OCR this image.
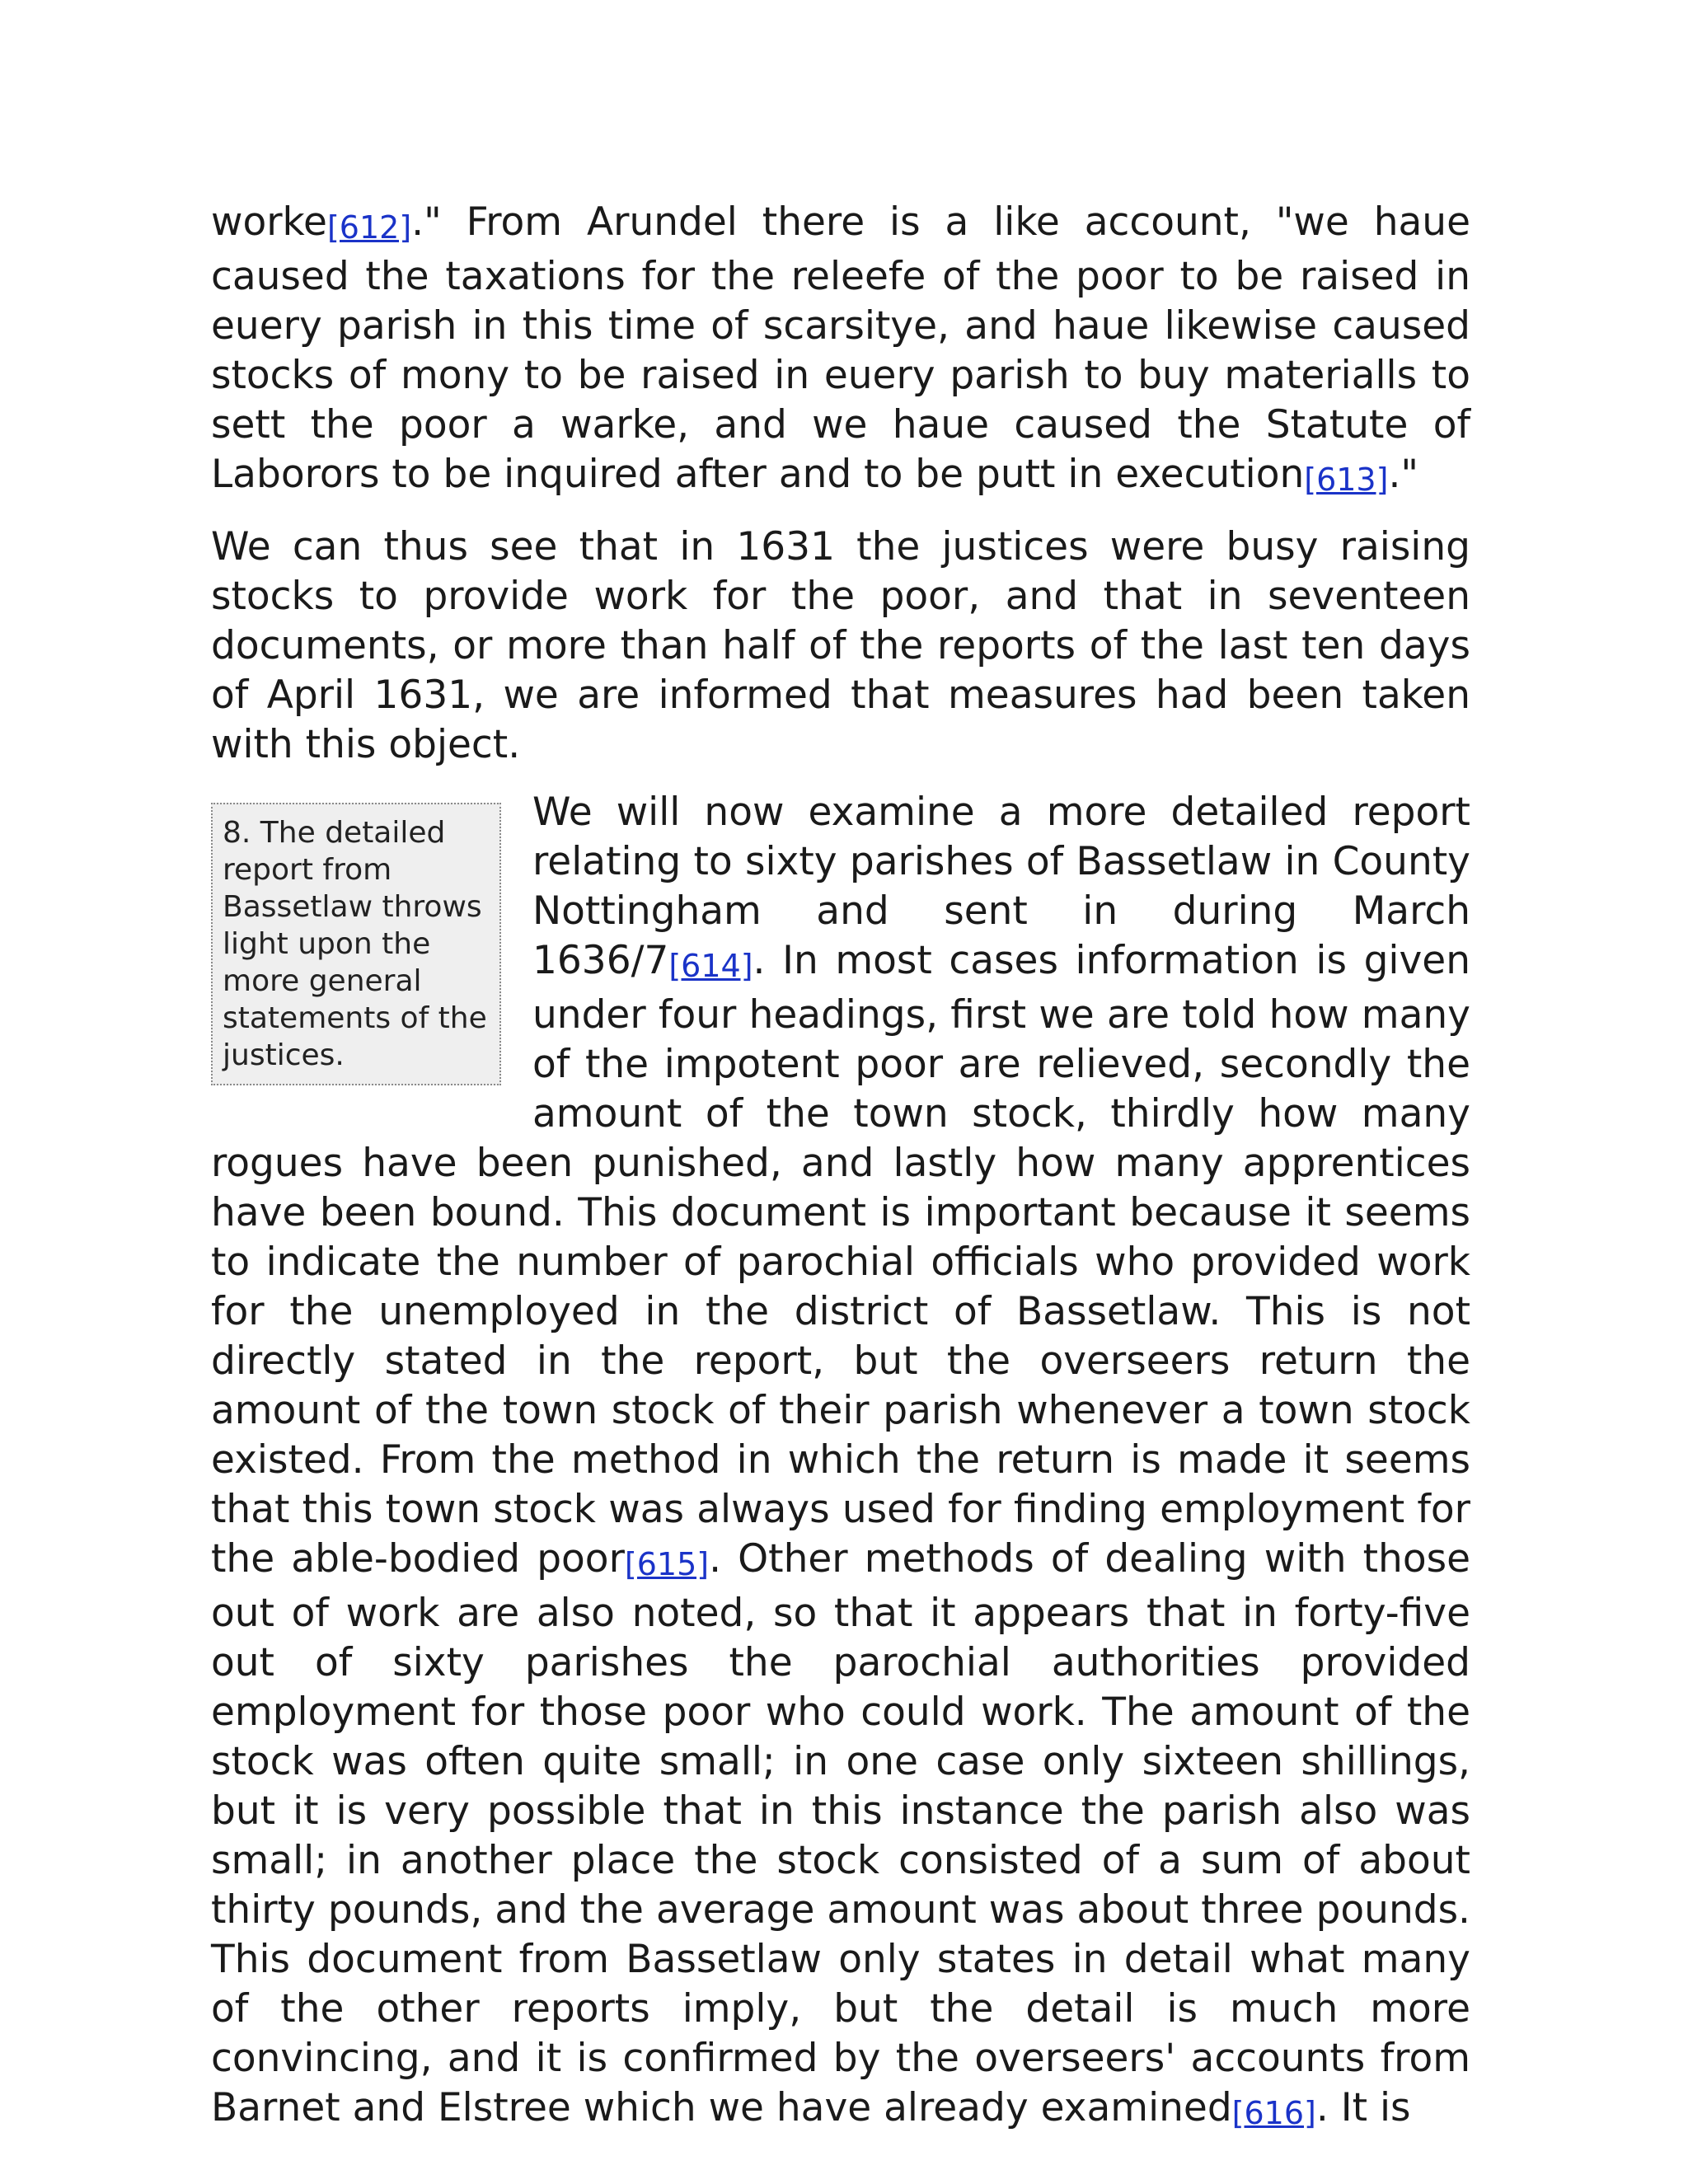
worke[612]." From Arundel there is a like account, "we haue caused the taxations for the releefe of the poor to be raised in euery parish in this time of scarsitye, and haue likewise caused stocks of mony to be raised in euery parish to buy materialls to sett the poor a warke, and we haue caused the Statute of Laborors to be inquired after and to be putt in execution[613]."

We can thus see that in 1631 the justices were busy raising stocks to provide work for the poor, and that in seventeen documents, or more than half of the reports of the last ten days of April 1631, we are informed that measures had been taken with this object.

8. The detailed report from Bassetlaw throws light upon the more general statements of the justices.
We will now examine a more detailed report relating to sixty parishes of Bassetlaw in County Nottingham and sent in during March 1636/7[614]. In most cases information is given under four headings, first we are told how many of the impotent poor are relieved, secondly the amount of the town stock, thirdly how many rogues have been punished, and lastly how many apprentices have been bound. This document is important because it seems to indicate the number of parochial officials who provided work for the unemployed in the district of Bassetlaw. This is not directly stated in the report, but the overseers return the amount of the town stock of their parish whenever a town stock existed. From the method in which the return is made it seems that this town stock was always used for finding employment for the able-bodied poor[615]. Other methods of dealing with those out of work are also noted, so that it appears that in forty-five out of sixty parishes the parochial authorities provided employment for those poor who could work. The amount of the stock was often quite small; in one case only sixteen shillings, but it is very possible that in this instance the parish also was small; in another place the stock consisted of a sum of about thirty pounds, and the average amount was about three pounds. This document from Bassetlaw only states in detail what many of the other reports imply, but the detail is much more convincing, and it is confirmed by the overseers' accounts from Barnet and Elstree which we have already examined[616]. It is
